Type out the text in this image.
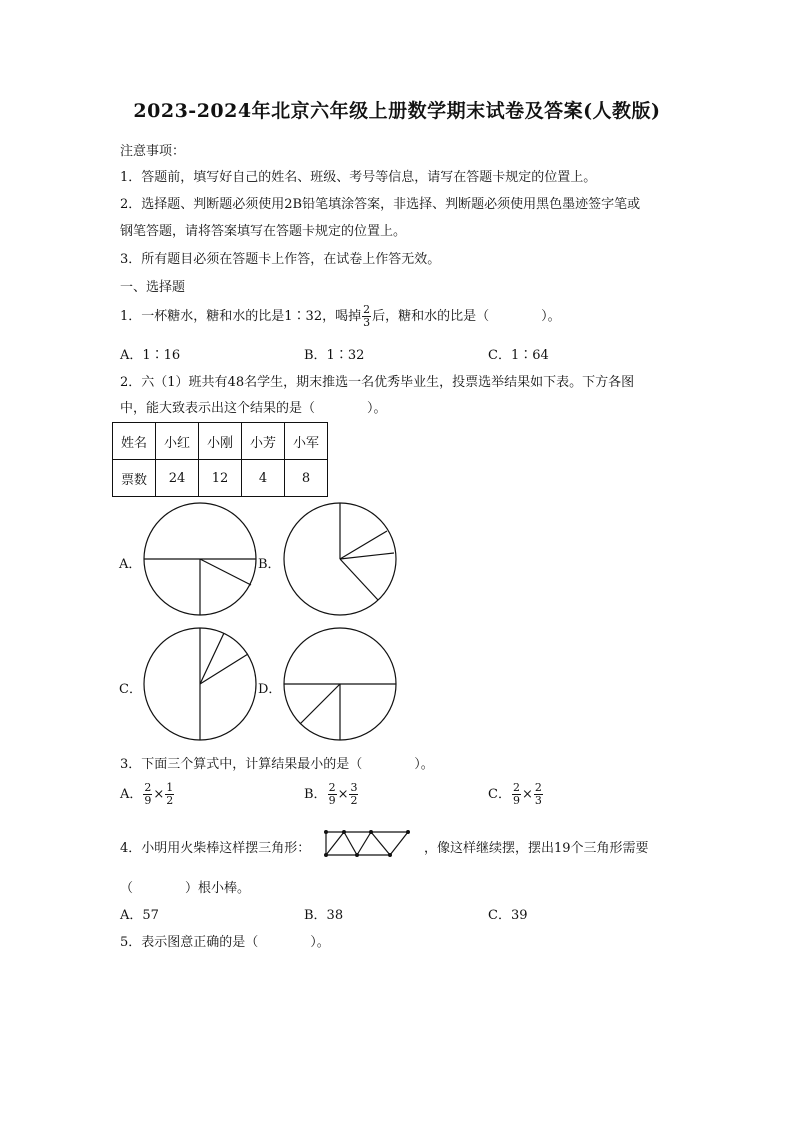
2023-2024年北京六年级上册数学期末试卷及答案(人教版)
注意事项：
1．答题前，填写好自己的姓名、班级、考号等信息，请写在答题卡规定的位置上。
2．选择题、判断题必须使用2B铅笔填涂答案，非选择、判断题必须使用黑色墨迹签字笔或
钢笔答题，请将答案填写在答题卡规定的位置上。
3．所有题目必须在答题卡上作答，在试卷上作答无效。
一、选择题
1．一杯糖水，糖和水的比是1∶32，喝掉 $\frac{2}{3}$ 后，糖和水的比是（　　　　）。
A．1∶16	B．1∶32	C．1∶64
2．六（1）班共有48名学生，期末推选一名优秀毕业生，投票选举结果如下表。下方各图
中，能大致表示出这个结果的是（　　　　）。
姓名	小红	小刚	小芳	小军
票数	24	12	4	8
A．	B．
C．	D．
3．下面三个算式中，计算结果最小的是（　　　　）。
A． $\frac{2}{9} \times \frac{1}{2}$	B． $\frac{2}{9} \times \frac{3}{2}$	C． $\frac{2}{9} \times \frac{2}{3}$
4．小明用火柴棒这样摆三角形：	，像这样继续摆，摆出19个三角形需要
（　　　　）根小棒。
A．57	B．38	C．39
5．表示图意正确的是（　　　　）。
